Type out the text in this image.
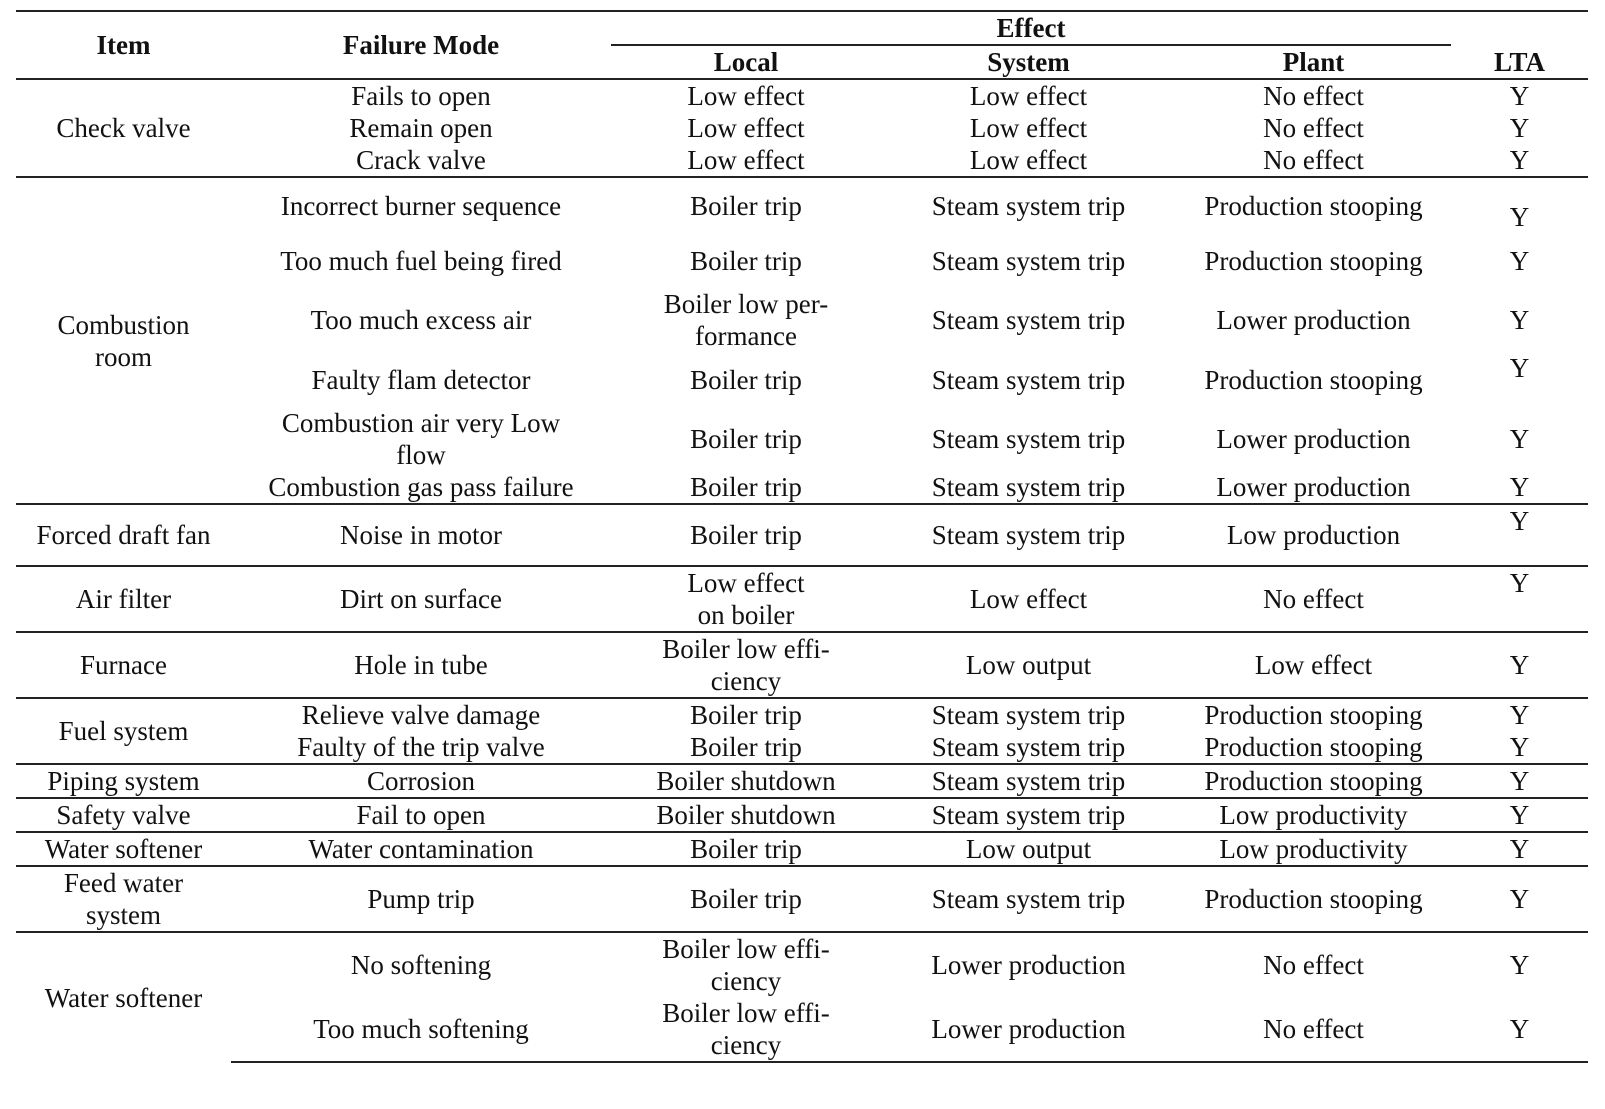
Item	Failure Mode	Effect			LTA
		Local	System	Plant	
Check valve	Fails to open	Low effect	Low effect	No effect	Y
	Remain open	Low effect	Low effect	No effect	Y
	Crack valve	Low effect	Low effect	No effect	Y
Combustion room	Incorrect burner sequence	Boiler trip	Steam system trip	Production stooping	Y
	Too much fuel being fired	Boiler trip	Steam system trip	Production stooping	Y
	Too much excess air	Boiler low per-formance	Steam system trip	Lower production	Y
	Faulty flam detector	Boiler trip	Steam system trip	Production stooping	Y
	Combustion air very Low flow	Boiler trip	Steam system trip	Lower production	Y
	Combustion gas pass failure	Boiler trip	Steam system trip	Lower production	Y
Forced draft fan	Noise in motor	Boiler trip	Steam system trip	Low production	Y
Air filter	Dirt on surface	Low effect on boiler	Low effect	No effect	Y
Furnace	Hole in tube	Boiler low effi-ciency	Low output	Low effect	Y
Fuel system	Relieve valve damage	Boiler trip	Steam system trip	Production stooping	Y
	Faulty of the trip valve	Boiler trip	Steam system trip	Production stooping	Y
Piping system	Corrosion	Boiler shutdown	Steam system trip	Production stooping	Y
Safety valve	Fail to open	Boiler shutdown	Steam system trip	Low productivity	Y
Water softener	Water contamination	Boiler trip	Low output	Low productivity	Y
Feed water system	Pump trip	Boiler trip	Steam system trip	Production stooping	Y
Water softener	No softening	Boiler low effi-ciency	Lower production	No effect	Y
	Too much softening	Boiler low effi-ciency	Lower production	No effect	Y
